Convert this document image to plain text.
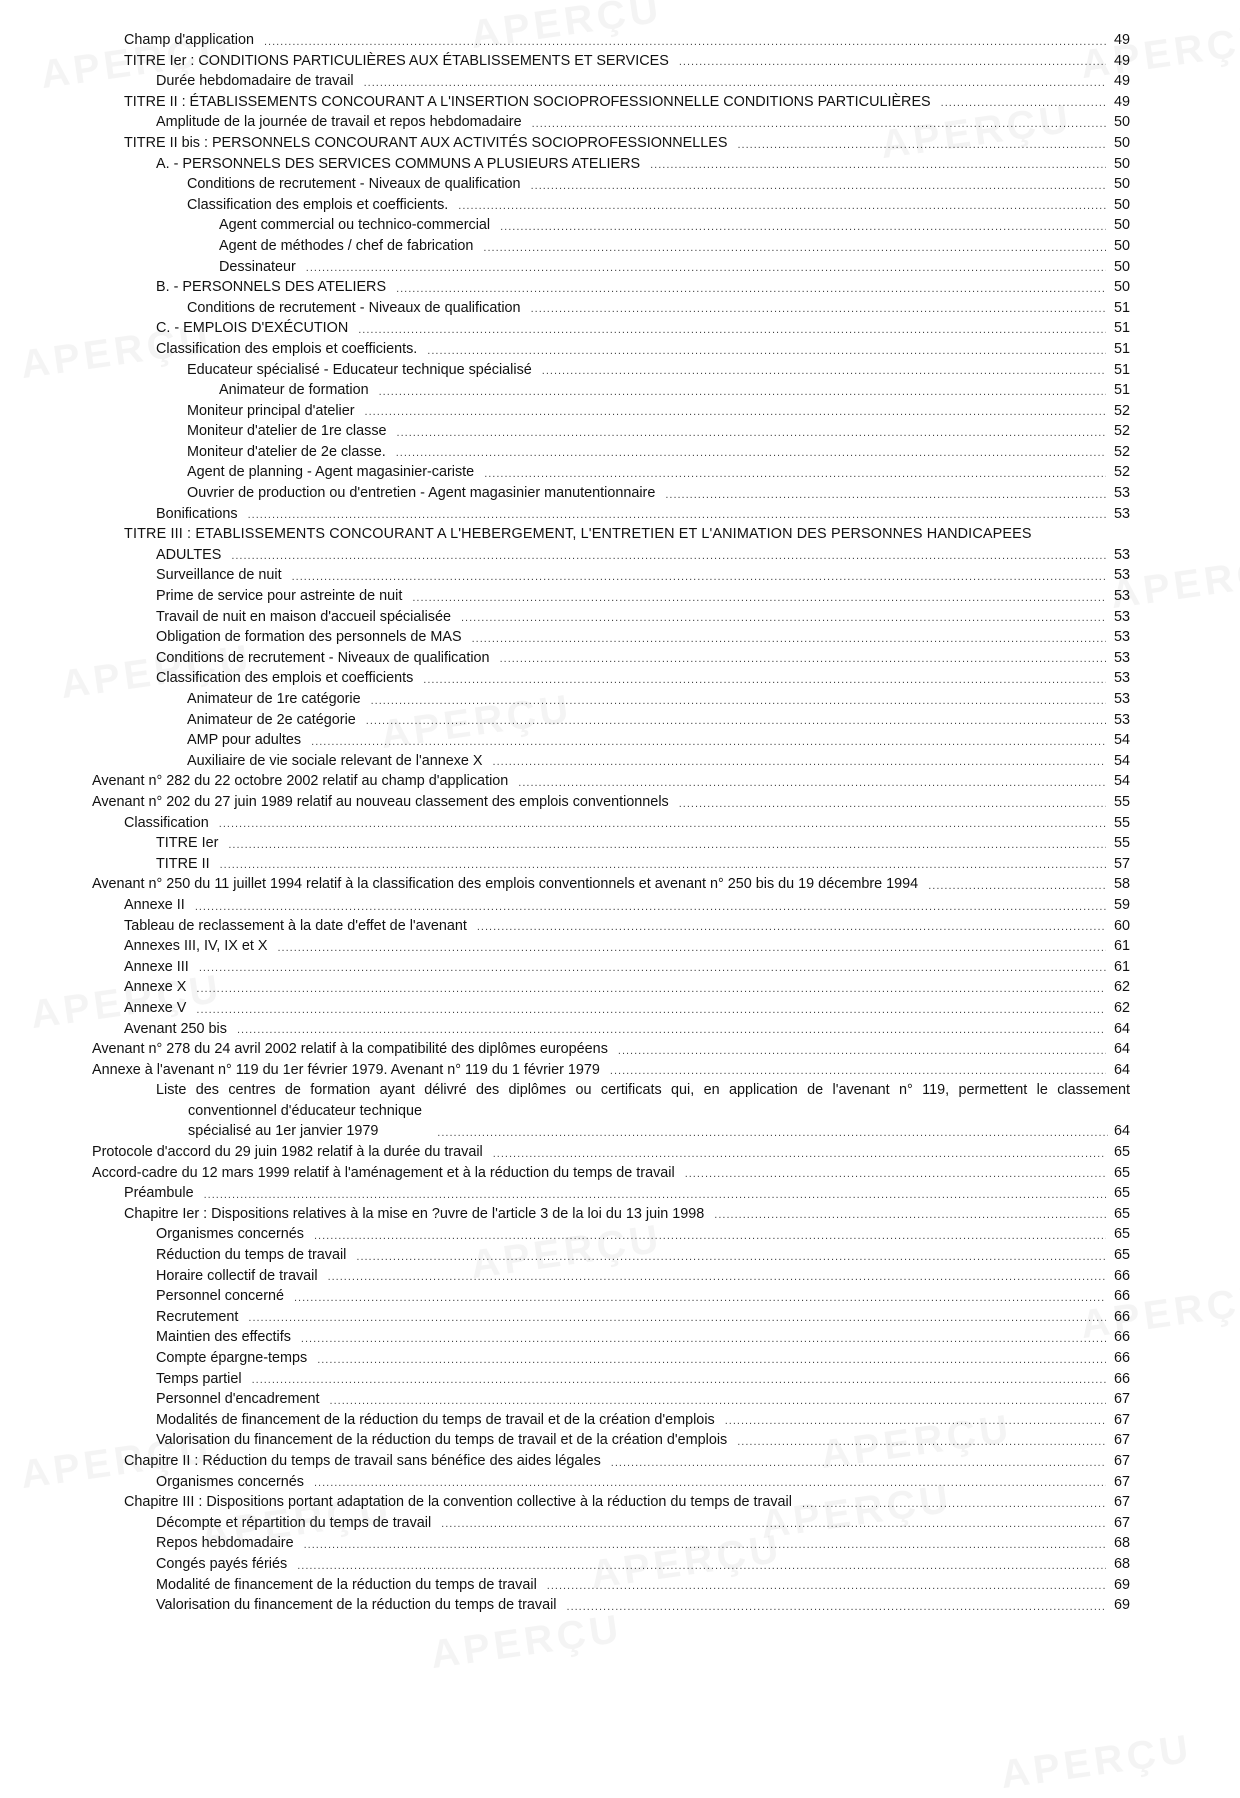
Champ d'application .....	49
TITRE Ier : CONDITIONS PARTICULIÈRES AUX ÉTABLISSEMENTS ET SERVICES .....	49
Durée hebdomadaire de travail .....	49
TITRE II : ÉTABLISSEMENTS CONCOURANT A L'INSERTION SOCIOPROFESSIONNELLE CONDITIONS PARTICULIÈRES .....	49
Amplitude de la journée de travail et repos hebdomadaire .....	50
TITRE II bis : PERSONNELS CONCOURANT AUX ACTIVITÉS SOCIOPROFESSIONNELLES .....	50
A. - PERSONNELS DES SERVICES COMMUNS A PLUSIEURS ATELIERS .....	50
Conditions de recrutement - Niveaux de qualification .....	50
Classification des emplois et coefficients. .....	50
Agent commercial ou technico-commercial .....	50
Agent de méthodes / chef de fabrication .....	50
Dessinateur .....	50
B. - PERSONNELS DES ATELIERS .....	50
Conditions de recrutement - Niveaux de qualification .....	51
C. - EMPLOIS D'EXÉCUTION .....	51
Classification des emplois et coefficients. .....	51
Educateur spécialisé - Educateur technique spécialisé .....	51
Animateur de formation .....	51
Moniteur principal d'atelier .....	52
Moniteur d'atelier de 1re classe .....	52
Moniteur d'atelier de 2e classe. .....	52
Agent de planning - Agent magasinier-cariste .....	52
Ouvrier de production ou d'entretien - Agent magasinier manutentionnaire .....	53
Bonifications .....	53
TITRE III : ETABLISSEMENTS CONCOURANT A L'HEBERGEMENT, L'ENTRETIEN ET L'ANIMATION DES PERSONNES HANDICAPEES
ADULTES .....	53
Surveillance de nuit .....	53
Prime de service pour astreinte de nuit .....	53
Travail de nuit en maison d'accueil spécialisée .....	53
Obligation de formation des personnels de MAS .....	53
Conditions de recrutement - Niveaux de qualification .....	53
Classification des emplois et coefficients .....	53
Animateur de 1re catégorie .....	53
Animateur de 2e catégorie .....	53
AMP pour adultes .....	54
Auxiliaire de vie sociale relevant de l'annexe X .....	54
Avenant n° 282 du 22 octobre 2002 relatif au champ d'application .....	54
Avenant n° 202 du 27 juin 1989 relatif au nouveau classement des emplois conventionnels .....	55
Classification .....	55
TITRE Ier .....	55
TITRE II .....	57
Avenant n° 250 du 11 juillet 1994 relatif à la classification des emplois conventionnels et avenant n° 250 bis du 19 décembre 1994 .....	58
Annexe II .....	59
Tableau de reclassement à la date d'effet de l'avenant .....	60
Annexes III, IV, IX et X .....	61
Annexe III .....	61
Annexe X .....	62
Annexe V .....	62
Avenant 250 bis .....	64
Avenant n° 278 du 24 avril 2002 relatif à la compatibilité des diplômes européens .....	64
Annexe à l'avenant n° 119 du 1er février 1979. Avenant n° 119 du 1 février 1979 .....	64
Liste des centres de formation ayant délivré des diplômes ou certificats qui, en application de l'avenant n° 119, permettent le classement
conventionnel d'éducateur technique spécialisé au 1er janvier 1979 .....	64
Protocole d'accord du 29 juin 1982 relatif à la durée du travail .....	65
Accord-cadre du 12 mars 1999 relatif à l'aménagement et à la réduction du temps de travail .....	65
Préambule .....	65
Chapitre Ier : Dispositions relatives à la mise en ?uvre de l'article 3 de la loi du 13 juin 1998 .....	65
Organismes concernés .....	65
Réduction du temps de travail .....	65
Horaire collectif de travail .....	66
Personnel concerné .....	66
Recrutement .....	66
Maintien des effectifs .....	66
Compte épargne-temps .....	66
Temps partiel .....	66
Personnel d'encadrement .....	67
Modalités de financement de la réduction du temps de travail et de la création d'emplois .....	67
Valorisation du financement de la réduction du temps de travail et de la création d'emplois .....	67
Chapitre II : Réduction du temps de travail sans bénéfice des aides légales .....	67
Organismes concernés .....	67
Chapitre III : Dispositions portant adaptation de la convention collective à la réduction du temps de travail .....	67
Décompte et répartition du temps de travail .....	67
Repos hebdomadaire .....	68
Congés payés fériés .....	68
Modalité de financement de la réduction du temps de travail .....	69
Valorisation du financement de la réduction du temps de travail .....	69
